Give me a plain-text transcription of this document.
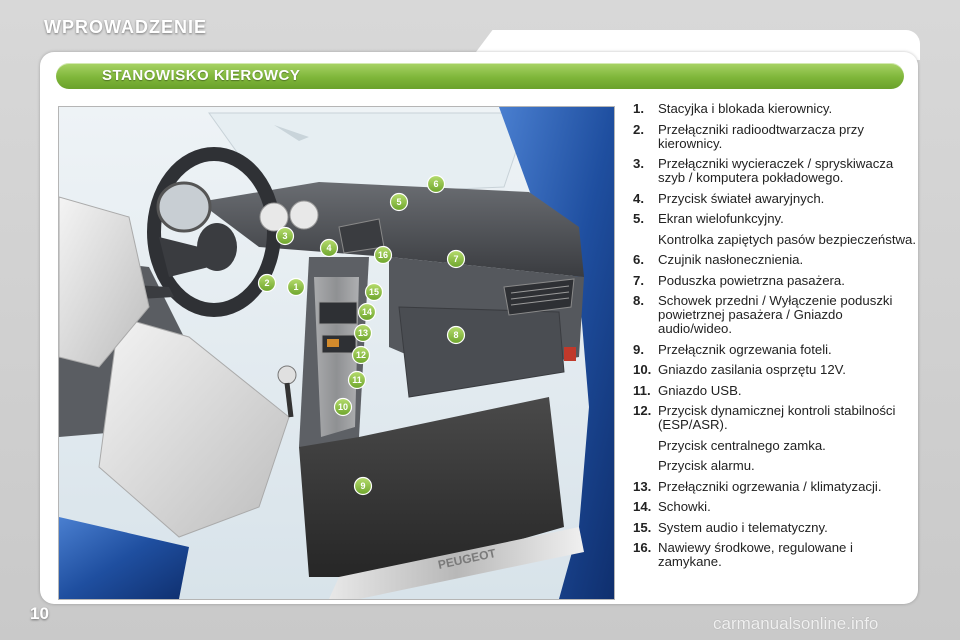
WPROWADZENIE
STANOWISKO KIEROWCY
PEUGEOT
1
2
3
4
5
6
7
8
9
10
11
12
13
14
15
16
1.	Stacyjka i blokada kierownicy.
2.	Przełączniki radioodtwarzacza przy kierownicy.
3.	Przełączniki wycieraczek / spryskiwacza szyb / komputera pokładowego.
4.	Przycisk świateł awaryjnych.
5.	Ekran wielofunkcyjny.
Kontrolka zapiętych pasów bezpieczeństwa.
6.	Czujnik nasłonecznienia.
7.	Poduszka powietrzna pasażera.
8.	Schowek przedni / Wyłączenie poduszki powietrznej pasażera / Gniazdo audio/wideo.
9.	Przełącznik ogrzewania foteli.
10. Gniazdo zasilania osprzętu 12V.
11. Gniazdo USB.
12. Przycisk dynamicznej kontroli stabilności (ESP/ASR).
Przycisk centralnego zamka.
Przycisk alarmu.
13. Przełączniki ogrzewania / klimatyzacji.
14. Schowki.
15. System audio i telematyczny.
16. Nawiewy środkowe, regulowane i zamykane.
10
carmanualsonline.info
